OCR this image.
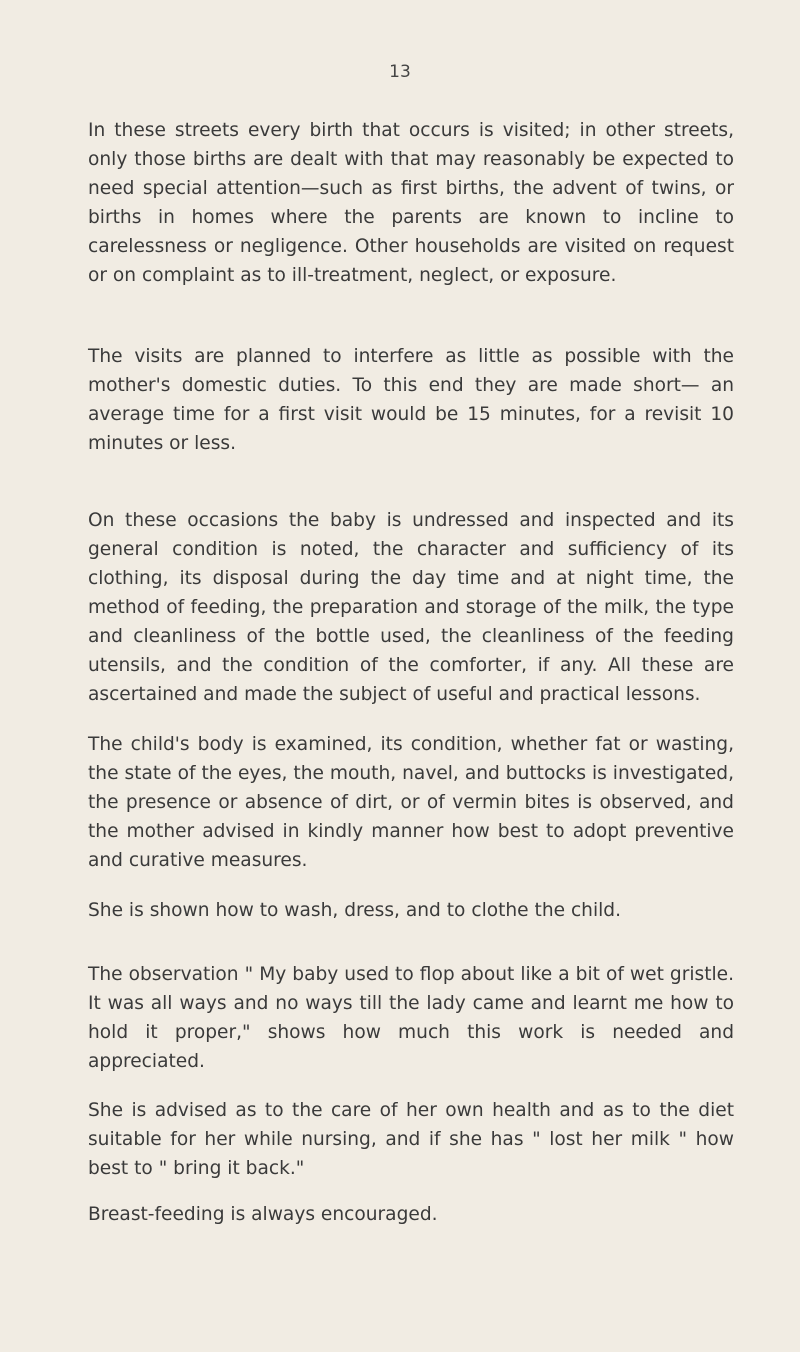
13

In these streets every birth that occurs is visited; in other streets, only those births are dealt with that may reasonably be expected to need special attention—such as first births, the advent of twins, or births in homes where the parents are known to incline to carelessness or negligence. Other households are visited on request or on complaint as to ill-treatment, neglect, or exposure.

The visits are planned to interfere as little as possible with the mother's domestic duties. To this end they are made short— an average time for a first visit would be 15 minutes, for a revisit 10 minutes or less.

On these occasions the baby is undressed and inspected and its general condition is noted, the character and sufficiency of its clothing, its disposal during the day time and at night time, the method of feeding, the preparation and storage of the milk, the type and cleanliness of the bottle used, the cleanliness of the feeding utensils, and the condition of the comforter, if any. All these are ascertained and made the subject of useful and practical lessons.

The child's body is examined, its condition, whether fat or wasting, the state of the eyes, the mouth, navel, and buttocks is investigated, the presence or absence of dirt, or of vermin bites is observed, and the mother advised in kindly manner how best to adopt preventive and curative measures.

She is shown how to wash, dress, and to clothe the child.

The observation " My baby used to flop about like a bit of wet gristle. It was all ways and no ways till the lady came and learnt me how to hold it proper," shows how much this work is needed and appreciated.

She is advised as to the care of her own health and as to the diet suitable for her while nursing, and if she has " lost her milk " how best to " bring it back."

Breast-feeding is always encouraged.
